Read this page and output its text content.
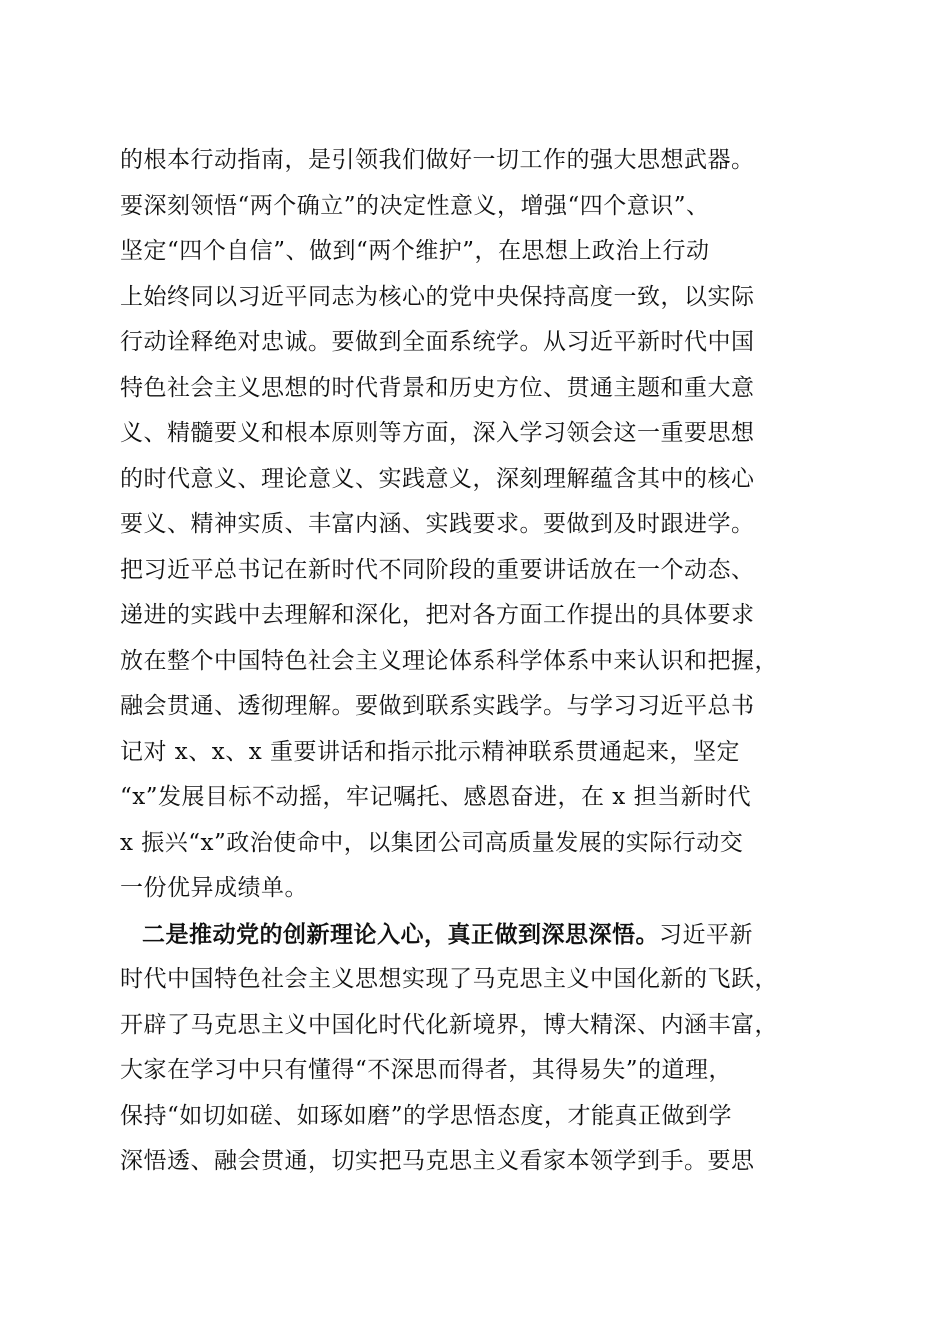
的根本行动指南，是引领我们做好一切工作的强大思想武器。
要深刻领悟“两个确立”的决定性意义，增强“四个意识”、
坚定“四个自信”、做到“两个维护”，在思想上政治上行动
上始终同以习近平同志为核心的党中央保持高度一致，以实际
行动诠释绝对忠诚。要做到全面系统学。从习近平新时代中国
特色社会主义思想的时代背景和历史方位、贯通主题和重大意
义、精髓要义和根本原则等方面，深入学习领会这一重要思想
的时代意义、理论意义、实践意义，深刻理解蕴含其中的核心
要义、精神实质、丰富内涵、实践要求。要做到及时跟进学。
把习近平总书记在新时代不同阶段的重要讲话放在一个动态、
递进的实践中去理解和深化，把对各方面工作提出的具体要求
放在整个中国特色社会主义理论体系科学体系中来认识和把握，
融会贯通、透彻理解。要做到联系实践学。与学习习近平总书
记对 x、x、x 重要讲话和指示批示精神联系贯通起来，坚定
“x”发展目标不动摇，牢记嘱托、感恩奋进，在 x 担当新时代
x 振兴“x”政治使命中，以集团公司高质量发展的实际行动交
一份优异成绩单。
二是推动党的创新理论入心，真正做到深思深悟。习近平新
时代中国特色社会主义思想实现了马克思主义中国化新的飞跃，
开辟了马克思主义中国化时代化新境界，博大精深、内涵丰富，
大家在学习中只有懂得“不深思而得者，其得易失”的道理，
保持“如切如磋、如琢如磨”的学思悟态度，才能真正做到学
深悟透、融会贯通，切实把马克思主义看家本领学到手。要思
